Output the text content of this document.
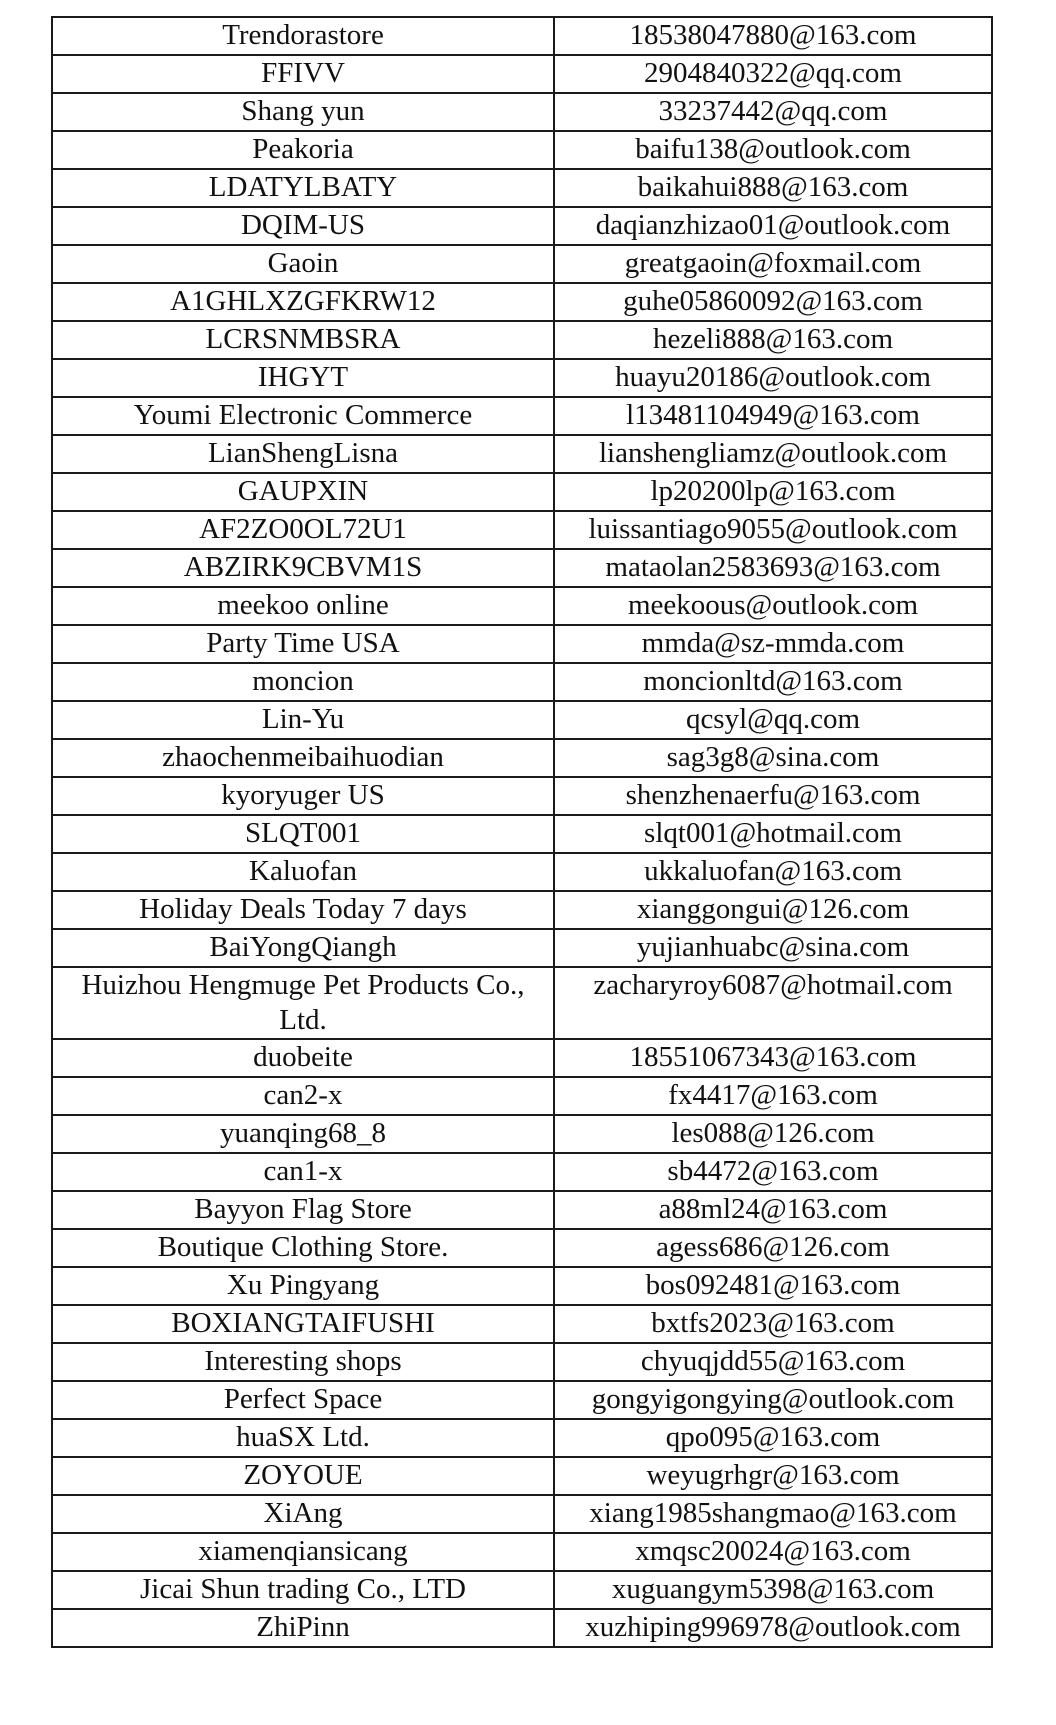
Trendorastore	18538047880@163.com
FFIVV	2904840322@qq.com
Shang yun	33237442@qq.com
Peakoria	baifu138@outlook.com
LDATYLBATY	baikahui888@163.com
DQIM-US	daqianzhizao01@outlook.com
Gaoin	greatgaoin@foxmail.com
A1GHLXZGFKRW12	guhe05860092@163.com
LCRSNMBSRA	hezeli888@163.com
IHGYT	huayu20186@outlook.com
Youmi Electronic Commerce	l13481104949@163.com
LianShengLisna	lianshengliamz@outlook.com
GAUPXIN	lp20200lp@163.com
AF2ZO0OL72U1	luissantiago9055@outlook.com
ABZIRK9CBVM1S	mataolan2583693@163.com
meekoo online	meekoous@outlook.com
Party Time USA	mmda@sz-mmda.com
moncion	moncionltd@163.com
Lin-Yu	qcsyl@qq.com
zhaochenmeibaihuodian	sag3g8@sina.com
kyoryuger US	shenzhenaerfu@163.com
SLQT001	slqt001@hotmail.com
Kaluofan	ukkaluofan@163.com
Holiday Deals Today 7 days	xianggongui@126.com
BaiYongQiangh	yujianhuabc@sina.com
Huizhou Hengmuge Pet Products Co., Ltd.	zacharyroy6087@hotmail.com
duobeite	18551067343@163.com
can2-x	fx4417@163.com
yuanqing68_8	les088@126.com
can1-x	sb4472@163.com
Bayyon Flag Store	a88ml24@163.com
Boutique Clothing Store.	agess686@126.com
Xu Pingyang	bos092481@163.com
BOXIANGTAIFUSHI	bxtfs2023@163.com
Interesting shops	chyuqjdd55@163.com
Perfect Space	gongyigongying@outlook.com
huaSX Ltd.	qpo095@163.com
ZOYOUE	weyugrhgr@163.com
XiAng	xiang1985shangmao@163.com
xiamenqiansicang	xmqsc20024@163.com
Jicai Shun trading Co., LTD	xuguangym5398@163.com
ZhiPinn	xuzhiping996978@outlook.com
